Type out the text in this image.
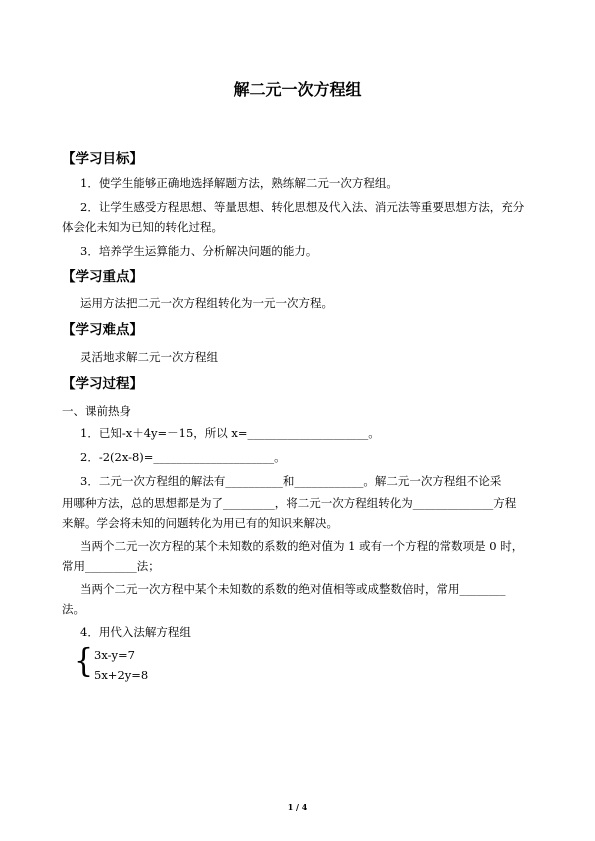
解二元一次方程组
【学习目标】
1．使学生能够正确地选择解题方法，熟练解二元一次方程组。
2．让学生感受方程思想、等量思想、转化思想及代入法、消元法等重要思想方法，充分
体会化未知为已知的转化过程。
3．培养学生运算能力、分析解决问题的能力。
【学习重点】
运用方法把二元一次方程组转化为一元一次方程。
【学习难点】
灵活地求解二元一次方程组
【学习过程】
一、课前热身
1．已知-x＋4y=－15，所以 x=_____________________。
2．-2(2x-8)=_____________________。
3．二元一次方程组的解法有__________和____________。解二元一次方程组不论采
用哪种方法，总的思想都是为了_________，将二元一次方程组转化为______________方程
来解。学会将未知的问题转化为用已有的知识来解决。
当两个二元一次方程的某个未知数的系数的绝对值为 1 或有一个方程的常数项是 0 时，
常用_________法；
当两个二元一次方程中某个未知数的系数的绝对值相等或成整数倍时，常用________
法。
4．用代入法解方程组
{ 3x-y=7
5x+2y=8
1 / 4
